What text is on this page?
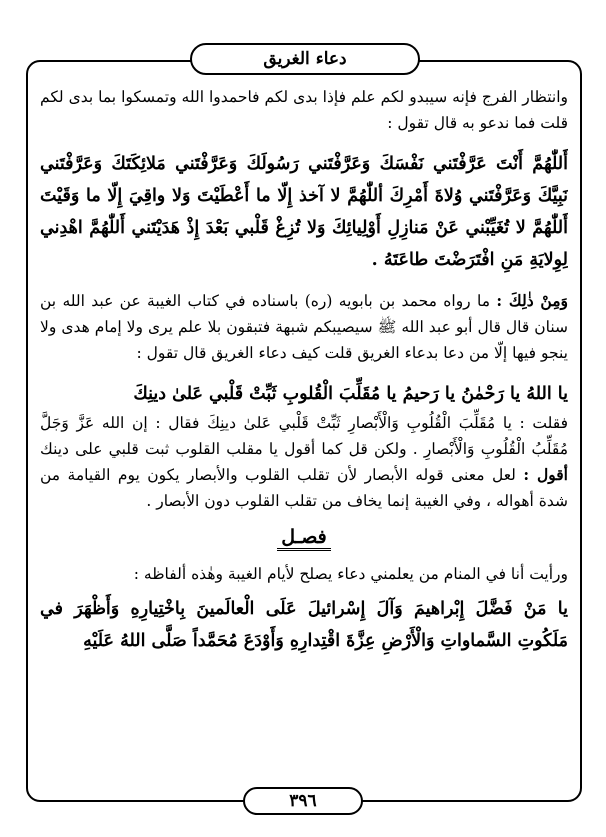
دعاء الغريق

وانتظار الفرج فإنه سيبدو لكم علم فإذا بدى لكم فاحمدوا الله وتمسكوا بما بدى لكم قلت فما ندعو به قال تقول :

أَللّٰهُمَّ أَنْتَ عَرَّفْتَني نَفْسَكَ وَعَرَّفْتَني رَسُولَكَ وَعَرَّفْتَني مَلائِكَتَكَ وَعَرَّفْتَني نَبِيَّكَ وَعَرَّفْتَني وُلاةَ أَمْرِكَ أللّٰهُمَّ لا آخذ إِلّا ما أَعْطَيْتَ وَلا واقِيَ إِلّا ما وَقَيْتَ أَللّٰهُمَّ لا تُغَيِّبْني عَنْ مَنازِلِ أَوْلِيائِكَ وَلا تُزِغْ قَلْبي بَعْدَ إِذْ هَدَيْتَني أَللّٰهُمَّ اهْدِني لِوِلايَةِ مَنِ افْتَرَضْتَ طاعَتَهُ .

وَمِنْ ذٰلِكَ : ما رواه محمد بن بابويه (ره) باسناده في كتاب الغيبة عن عبد الله بن سنان قال قال أبو عبد الله ﷺ سيصيبكم شبهة فتبقون بلا علم يرى ولا إمام هدى ولا ينجو فيها إلّا من دعا بدعاء الغريق قلت كيف دعاء الغريق قال تقول :

يا اللهُ يا رَحْمٰنُ يا رَحيمُ يا مُقَلِّبَ الْقُلوبِ ثَبِّتْ قَلْبي عَلىٰ دينِكَ

فقلت : يا مُقَلِّبَ الْقُلُوبِ وَالْأَبْصارِ ثَبِّتْ قَلْبي عَلىٰ دينِكَ فقال : إن الله عَزَّ وَجَلَّ مُقَلِّبُ الْقُلُوبِ وَالْأَبْصارِ . ولكن قل كما أقول يا مقلب القلوب ثبت قلبي على دينك أقول : لعل معنى قوله الأبصار لأن تقلب القلوب والأبصار يكون يوم القيامة من شدة أهواله ، وفي الغيبة إنما يخاف من تقلب القلوب دون الأبصار .

فصـل

ورأيت أنا في المنام من يعلمني دعاء يصلح لأيام الغيبة وهٰذه ألفاظه :

يا مَنْ فَضَّلَ إِبْراهيمَ وَآلَ إِسْرائيلَ عَلَى الْعالَمينَ بِاخْتِيارِهِ وَأَظْهَرَ في مَلَكُوتِ السَّماواتِ وَالْأَرْضِ عِزَّةَ اقْتِدارِهِ وَأَوْدَعَ مُحَمَّداً صَلَّى اللهُ عَلَيْهِ

٣٩٦
